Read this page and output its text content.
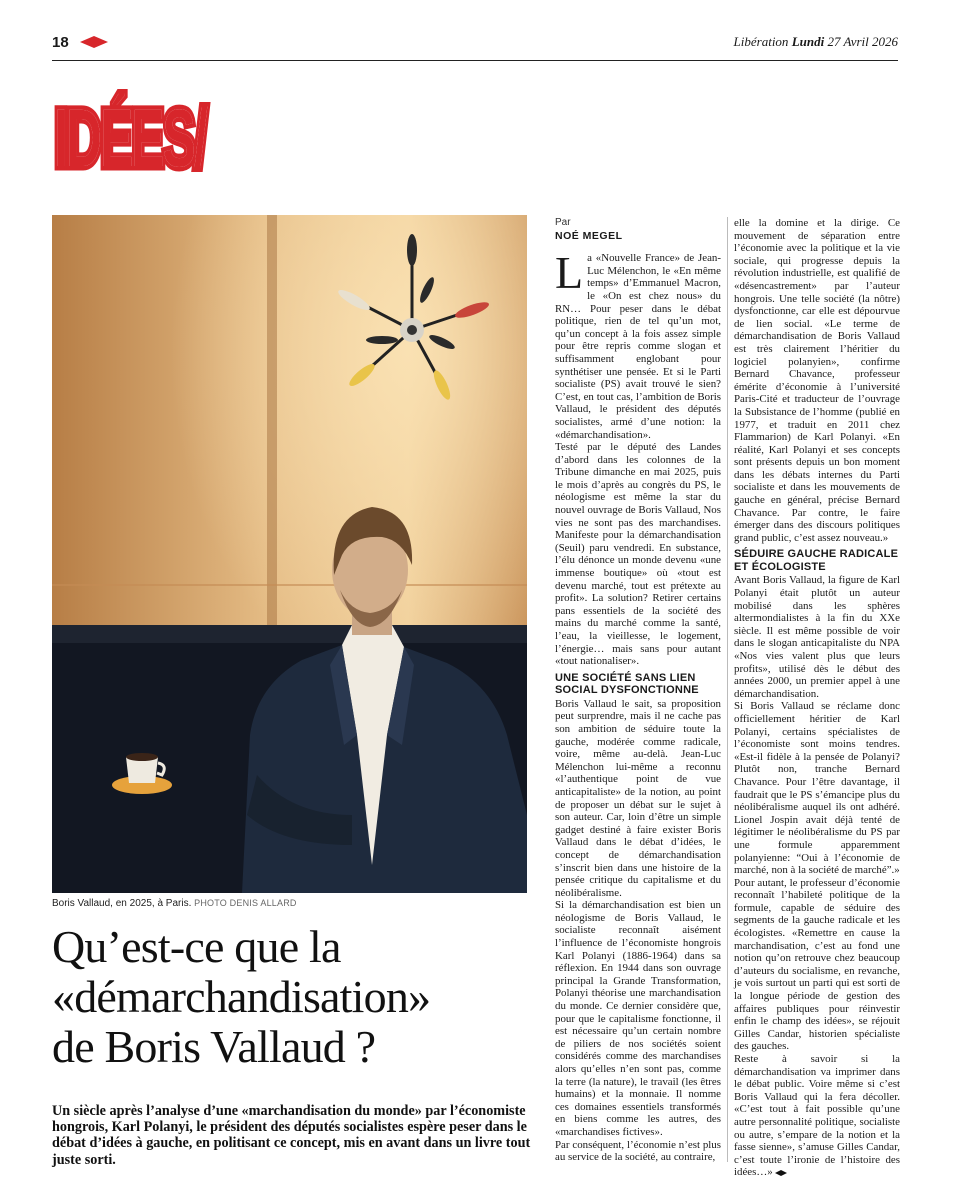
18	Libération Lundi 27 Avril 2026
IDÉES/
IDÉES/
Boris Vallaud, en 2025, à Paris. PHOTO DENIS ALLARD
Qu’est-ce que la
«démarchandisation»
de Boris Vallaud ?
Un siècle après l’analyse d’une «marchandisation du monde» par l’économiste hongrois, Karl Polanyi, le président des députés socialistes espère peser dans le débat d’idées à gauche, en politisant ce concept, mis en avant dans un livre tout juste sorti.
Par
NOÉ MEGEL

La «Nouvelle France» de Jean-Luc Mélenchon, le «En même temps» d’Emmanuel Macron, le «On est chez nous» du RN… Pour peser dans le débat politique, rien de tel qu’un mot, qu’un concept à la fois assez simple pour être repris comme slogan et suffisamment englobant pour synthétiser une pensée. Et si le Parti socialiste (PS) avait trouvé le sien? C’est, en tout cas, l’ambition de Boris Vallaud, le président des députés socialistes, armé d’une notion: la «démarchandisation».

Testé par le député des Landes d’abord dans les colonnes de la Tribune dimanche en mai 2025, puis le mois d’après au congrès du PS, le néologisme est même la star du nouvel ouvrage de Boris Vallaud, Nos vies ne sont pas des marchandises. Manifeste pour la démarchandisation (Seuil) paru vendredi. En substance, l’élu dénonce un monde devenu «une immense boutique» où «tout est devenu marché, tout est prétexte au profit». La solution? Retirer certains pans essentiels de la société des mains du marché comme la santé, l’eau, la vieillesse, le logement, l’énergie… mais sans pour autant «tout nationaliser».

UNE SOCIÉTÉ SANS LIEN SOCIAL DYSFONCTIONNE

Boris Vallaud le sait, sa proposition peut surprendre, mais il ne cache pas son ambition de séduire toute la gauche, modérée comme radicale, voire, même au-delà. Jean-Luc Mélenchon lui-même a reconnu «l’authentique point de vue anticapitaliste» de la notion, au point de proposer un débat sur le sujet à son auteur. Car, loin d’être un simple gadget destiné à faire exister Boris Vallaud dans le débat d’idées, le concept de démarchandisation s’inscrit bien dans une histoire de la pensée critique du capitalisme et du néolibéralisme.

Si la démarchandisation est bien un néologisme de Boris Vallaud, le socialiste reconnaît aisément l’influence de l’économiste hongrois Karl Polanyi (1886-1964) dans sa réflexion. En 1944 dans son ouvrage principal la Grande Transformation, Polanyi théorise une marchandisation du monde. Ce dernier considère que, pour que le capitalisme fonctionne, il est nécessaire qu’un certain nombre de piliers de nos sociétés soient considérés comme des marchandises alors qu’elles n’en sont pas, comme la terre (la nature), le travail (les êtres humains) et la monnaie. Il nomme ces domaines essentiels transformés en biens comme les autres, des «marchandises fictives».

Par conséquent, l’économie n’est plus au service de la société, au contraire,

elle la domine et la dirige. Ce mouvement de séparation entre l’économie avec la politique et la vie sociale, qui progresse depuis la révolution industrielle, est qualifié de «désencastrement» par l’auteur hongrois. Une telle société (la nôtre) dysfonctionne, car elle est dépourvue de lien social. «Le terme de démarchandisation de Boris Vallaud est très clairement l’héritier du logiciel polanyien», confirme Bernard Chavance, professeur émérite d’économie à l’université Paris-Cité et traducteur de l’ouvrage la Subsistance de l’homme (publié en 1977, et traduit en 2011 chez Flammarion) de Karl Polanyi. «En réalité, Karl Polanyi et ses concepts sont présents depuis un bon moment dans les débats internes du Parti socialiste et dans les mouvements de gauche en général, précise Bernard Chavance. Par contre, le faire émerger dans des discours politiques grand public, c’est assez nouveau.»

SÉDUIRE GAUCHE RADICALE ET ÉCOLOGISTE

Avant Boris Vallaud, la figure de Karl Polanyi était plutôt un auteur mobilisé dans les sphères altermondialistes à la fin du XXe siècle. Il est même possible de voir dans le slogan anticapitaliste du NPA «Nos vies valent plus que leurs profits», utilisé dès le début des années 2000, un premier appel à une démarchandisation.

Si Boris Vallaud se réclame donc officiellement héritier de Karl Polanyi, certains spécialistes de l’économiste sont moins tendres. «Est-il fidèle à la pensée de Polanyi? Plutôt non, tranche Bernard Chavance. Pour l’être davantage, il faudrait que le PS s’émancipe plus du néolibéralisme auquel ils ont adhéré. Lionel Jospin avait déjà tenté de légitimer le néolibéralisme du PS par une formule apparemment polanyienne: “Oui à l’économie de marché, non à la société de marché”.»

Pour autant, le professeur d’économie reconnaît l’habileté politique de la formule, capable de séduire des segments de la gauche radicale et les écologistes. «Remettre en cause la marchandisation, c’est au fond une notion qu’on retrouve chez beaucoup d’auteurs du socialisme, en revanche, je vois surtout un parti qui est sorti de la longue période de gestion des affaires publiques pour réinvestir enfin le champ des idées», se réjouit Gilles Candar, historien spécialiste des gauches.

Reste à savoir si la démarchandisation va imprimer dans le débat public. Voire même si c’est Boris Vallaud qui la fera décoller. «C’est tout à fait possible qu’une autre personnalité politique, socialiste ou autre, s’empare de la notion et la fasse sienne», s’amuse Gilles Candar, c’est toute l’ironie de l’histoire des idées…»
